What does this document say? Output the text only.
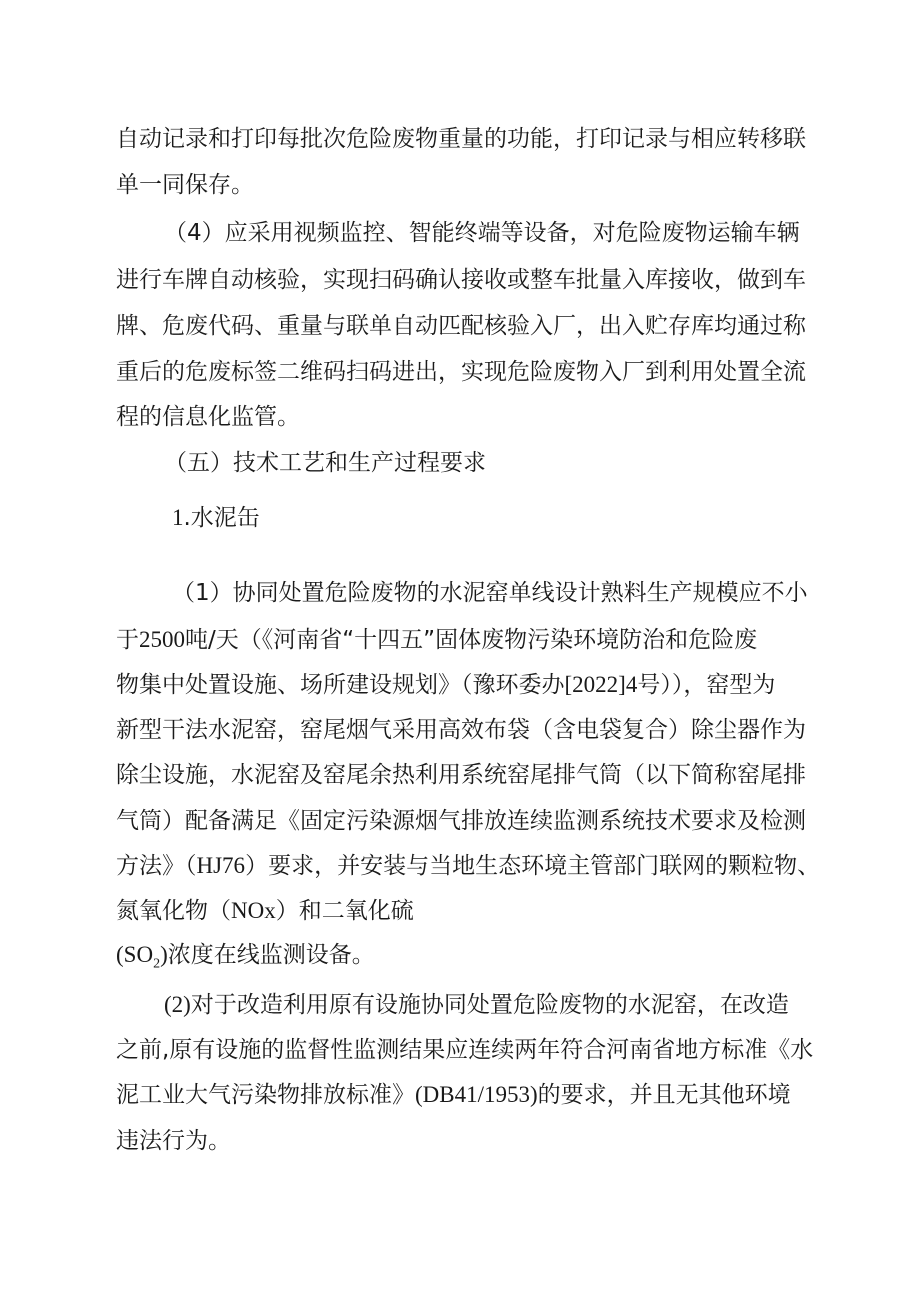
自动记录和打印每批次危险废物重量的功能，打印记录与相应转移联

单一同保存。

（4）应采用视频监控、智能终端等设备，对危险废物运输车辆

进行车牌自动核验，实现扫码确认接收或整车批量入库接收，做到车

牌、危废代码、重量与联单自动匹配核验入厂，出入贮存库均通过称

重后的危废标签二维码扫码进出，实现危险废物入厂到利用处置全流

程的信息化监管。

（五）技术工艺和生产过程要求

1.水泥缶

（1）协同处置危险废物的水泥窑单线设计熟料生产规模应不小

于2500吨/天（《河南省“十四五”固体废物污染环境防治和危险废

物集中处置设施、场所建设规划》（豫环委办[2022]4号）），窑型为

新型干法水泥窑，窑尾烟气采用高效布袋（含电袋复合）除尘器作为

除尘设施，水泥窑及窑尾余热利用系统窑尾排气筒（以下简称窑尾排

气筒）配备满足《固定污染源烟气排放连续监测系统技术要求及检测

方法》（HJ76）要求，并安装与当地生态环境主管部门联网的颗粒物、

氮氧化物（NOx）和二氧化硫

$(SO_2)$浓度在线监测设备。

(2)对于改造利用原有设施协同处置危险废物的水泥窑，在改造

之前,原有设施的监督性监测结果应连续两年符合河南省地方标准《水

泥工业大气污染物排放标准》(DB41/1953)的要求，并且无其他环境

违法行为。
